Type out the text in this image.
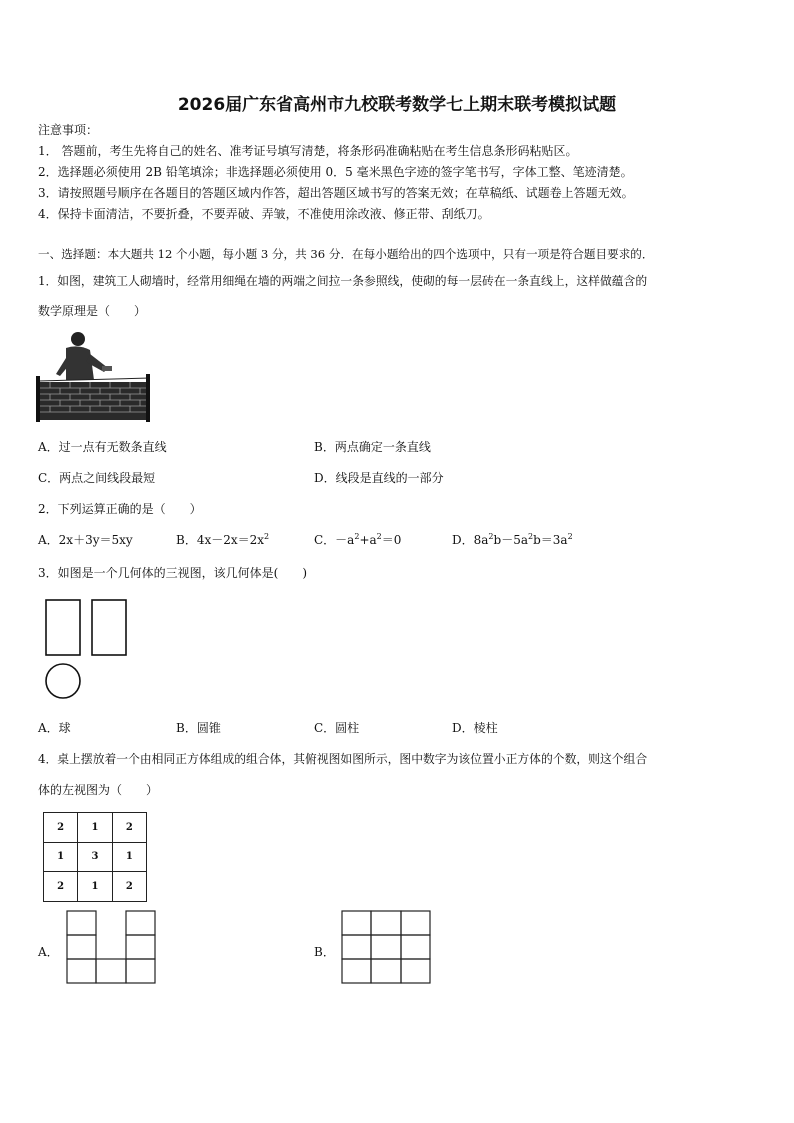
2026届广东省高州市九校联考数学七上期末联考模拟试题
注意事项：
1． 答题前，考生先将自己的姓名、准考证号填写清楚，将条形码准确粘贴在考生信息条形码粘贴区。
2．选择题必须使用 2B 铅笔填涂；非选择题必须使用 0．5 毫米黑色字迹的签字笔书写，字体工整、笔迹清楚。
3．请按照题号顺序在各题目的答题区域内作答，超出答题区域书写的答案无效；在草稿纸、试题卷上答题无效。
4．保持卡面清洁，不要折叠，不要弄破、弄皱，不准使用涂改液、修正带、刮纸刀。
一、选择题：本大题共 12 个小题，每小题 3 分，共 36 分．在每小题给出的四个选项中，只有一项是符合题目要求的．
1．如图，建筑工人砌墙时，经常用细绳在墙的两端之间拉一条参照线，使砌的每一层砖在一条直线上，这样做蕴含的
数学原理是（　　）
A．过一点有无数条直线	B．两点确定一条直线
C．两点之间线段最短	D．线段是直线的一部分
2．下列运算正确的是（　　）
A．2x＋3y＝5xy	B．$4x-2x=2x^2$	C．$-a^2+a^2=0$	D．$8a^2b-5a^2b=3a^2$
3．如图是一个几何体的三视图，该几何体是(　　)
A．球	B．圆锥	C．圆柱	D．棱柱
4．桌上摆放着一个由相同正方体组成的组合体，其俯视图如图所示，图中数字为该位置小正方体的个数，则这个组合
体的左视图为（　　）
2	1	2
1	3	1
2	1	2
A．	B．
